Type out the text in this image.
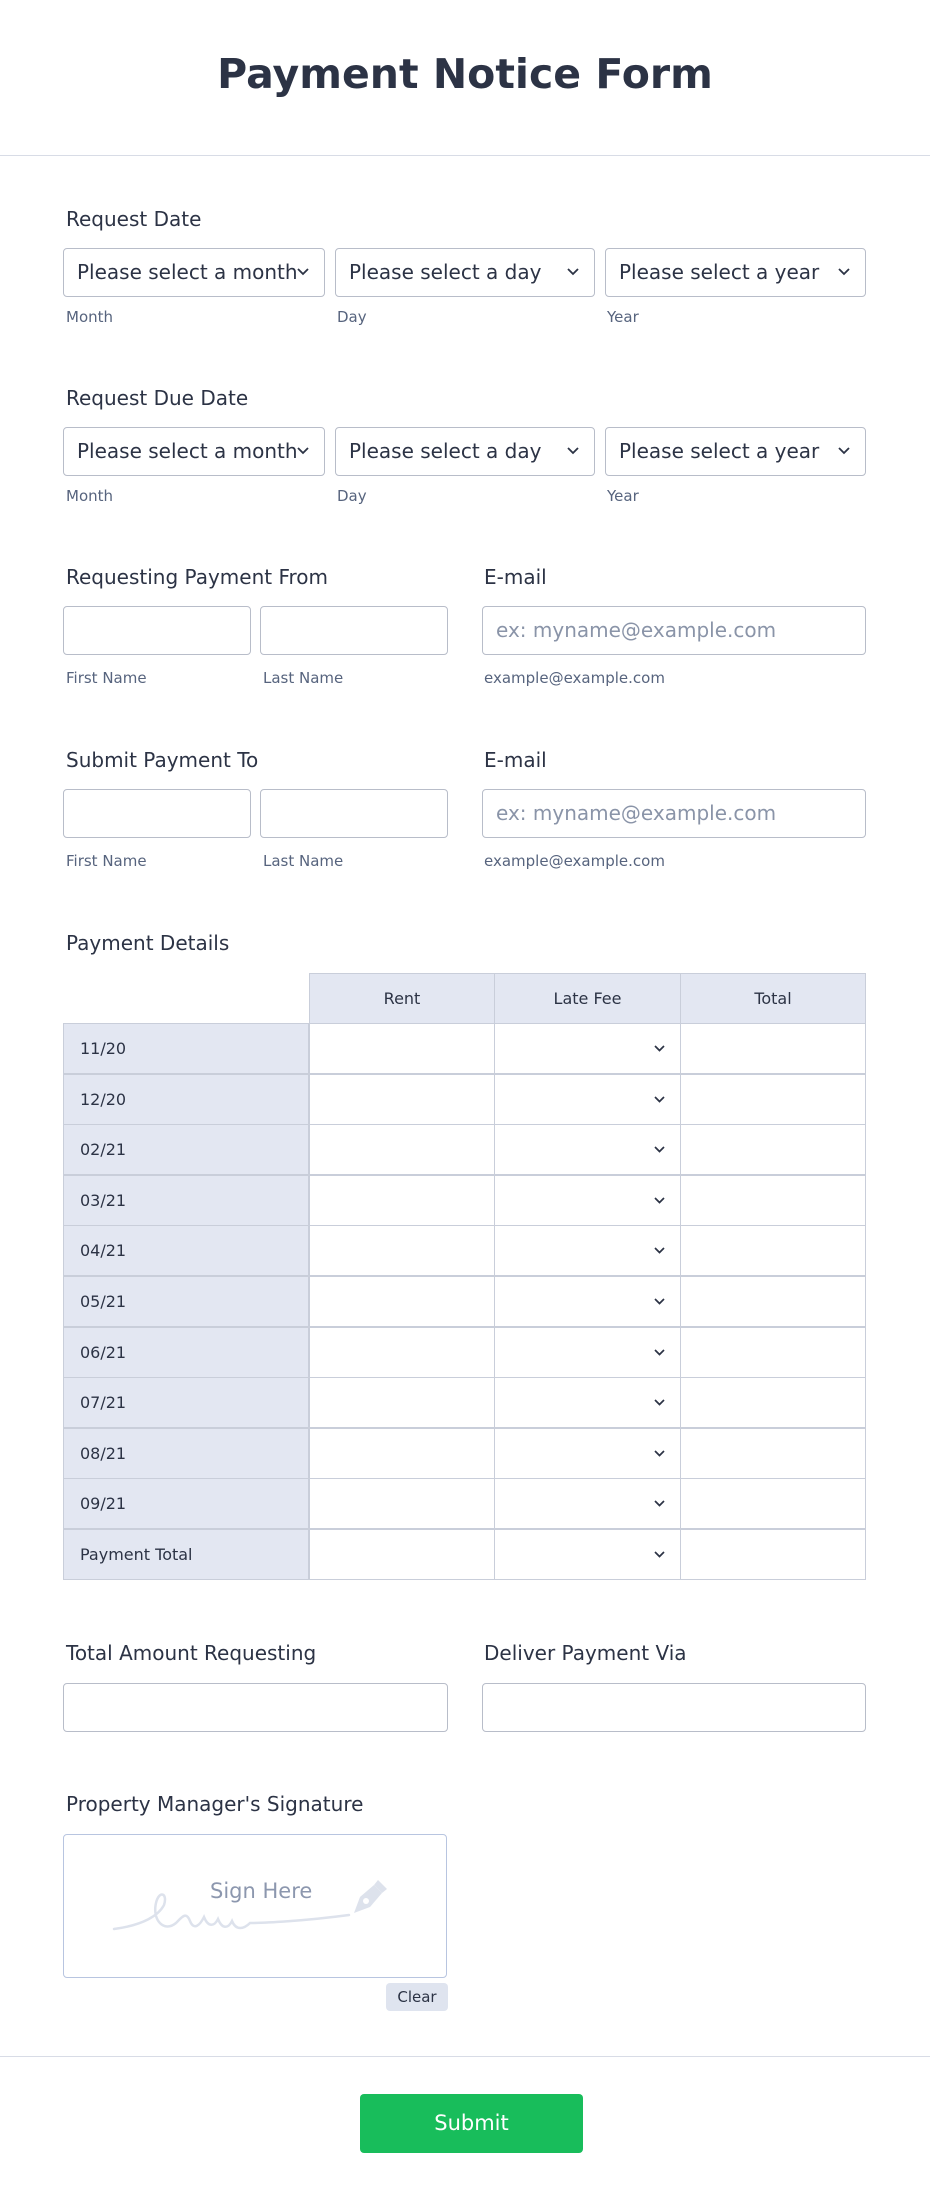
Payment Notice Form
Request Date
Please select a month	Please select a day	Please select a year
Month	Day	Year
Request Due Date
Please select a month	Please select a day	Please select a year
Month	Day	Year
Requesting Payment From
First Name	Last Name
E-mail
ex: myname@example.com
example@example.com
Submit Payment To
First Name	Last Name
E-mail
ex: myname@example.com
example@example.com
Payment Details
Rent	Late Fee	Total
11/20
12/20
02/21
03/21
04/21
05/21
06/21
07/21
08/21
09/21
Payment Total
Total Amount Requesting	Deliver Payment Via
Property Manager's Signature
Sign Here
Clear
Submit
